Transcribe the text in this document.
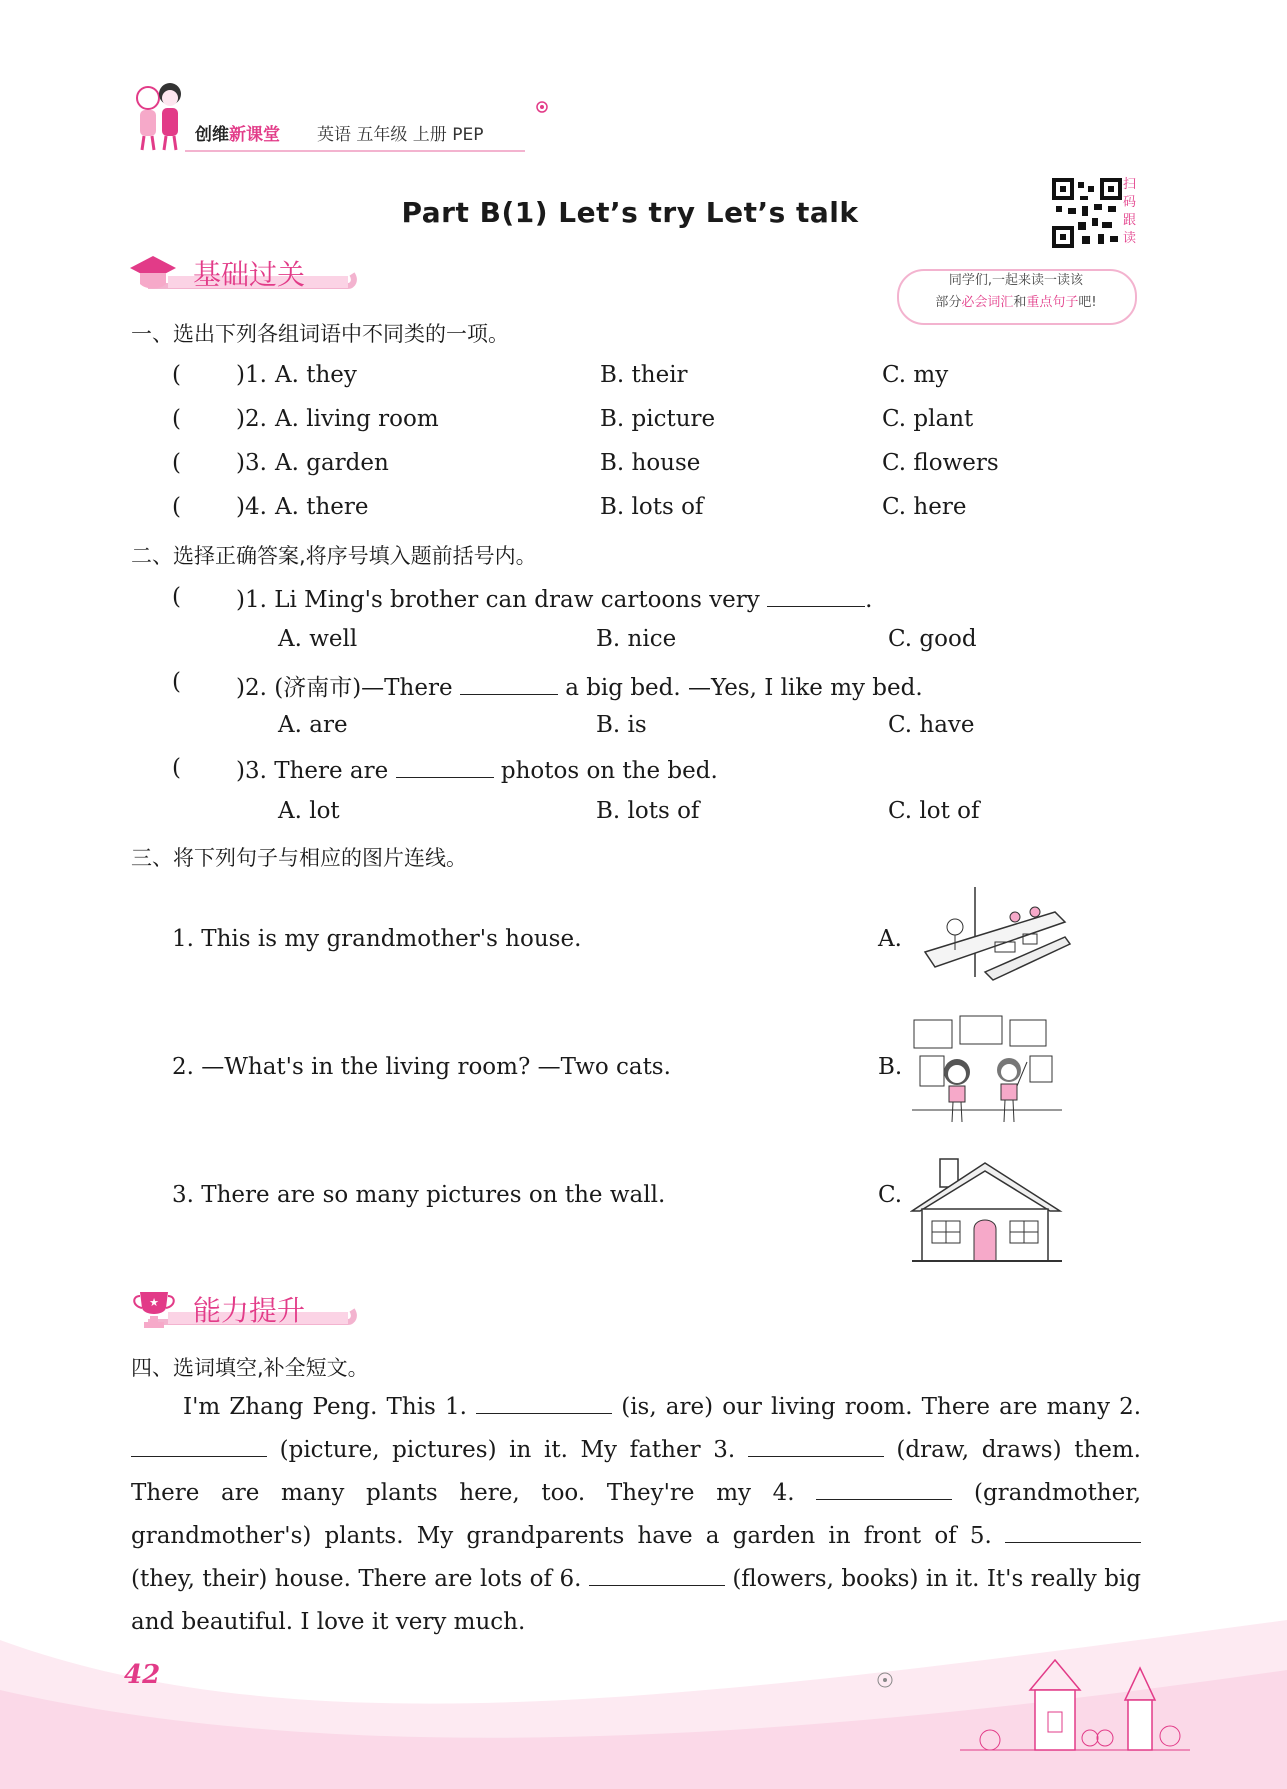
创维新课堂 英语 五年级 上册 PEP
Part B(1) Let’s try Let’s talk
扫码跟读
同学们,一起来读一读该
部分必会词汇和重点句子吧!
基础过关
一、选出下列各组词语中不同类的一项。
( )1. A. they	B. their	C. my
( )2. A. living room	B. picture	C. plant
( )3. A. garden	B. house	C. flowers
( )4. A. there	B. lots of	C. here
二、选择正确答案,将序号填入题前括号内。
( )1. Li Ming's brother can draw cartoons very	.
A. well	B. nice	C. good
( )2. (济南市)—There	a big bed. —Yes, I like my bed.
A. are	B. is	C. have
( )3. There are	photos on the bed.
A. lot	B. lots of	C. lot of
三、将下列句子与相应的图片连线。
1. This is my grandmother's house.	A.
2. —What's in the living room? —Two cats.	B.
3. There are so many pictures on the wall.	C.
★ 能力提升
四、选词填空,补全短文。

I'm Zhang Peng. This 1.	(is, are) our living room. There are many 2.  (picture, pictures) in it. My father 3.	(draw, draws) them. There are many plants here, too. They're my 4.	(grandmother, grandmother's) plants. My grandparents have a garden in front of 5.  (they, their) house. There are lots of 6.	(flowers, books) in it. It's really big and beautiful. I love it very much.

42
